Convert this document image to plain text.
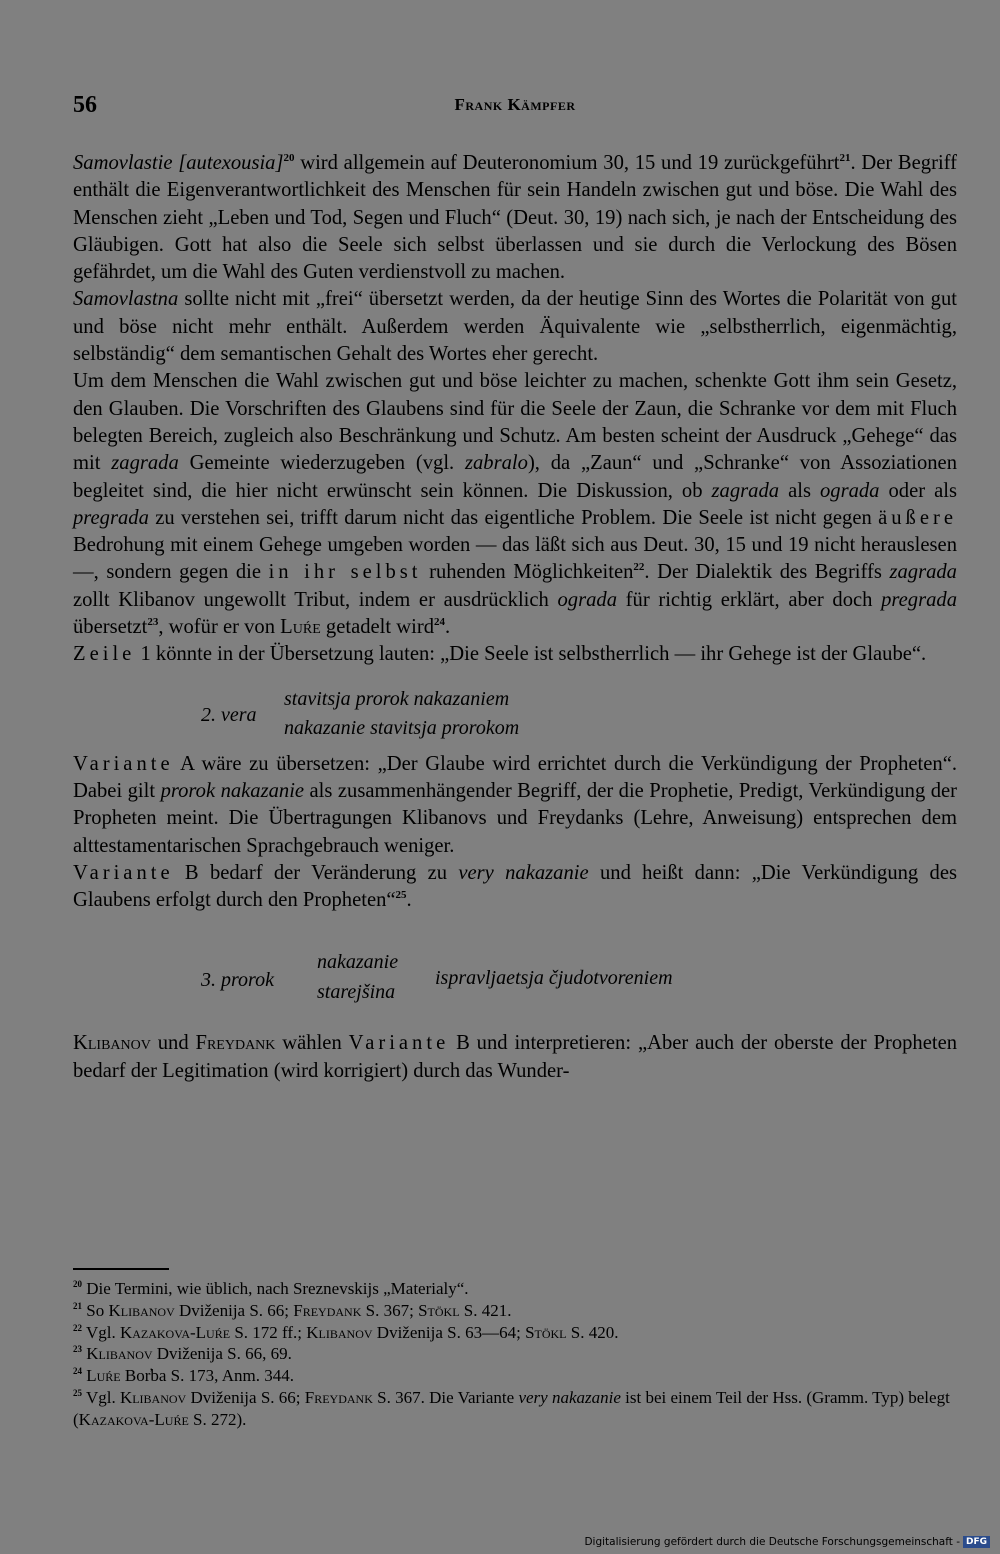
56	Frank Kämpfer

Samovlastie [autexousia]$^{20}$ wird allgemein auf Deuteronomium 30, 15 und 19 zurückgeführt$^{21}$. Der Begriff enthält die Eigenverantwortlichkeit des Menschen für sein Handeln zwischen gut und böse. Die Wahl des Menschen zieht „Leben und Tod, Segen und Fluch“ (Deut. 30, 19) nach sich, je nach der Entscheidung des Gläubigen. Gott hat also die Seele sich selbst überlassen und sie durch die Verlockung des Bösen gefährdet, um die Wahl des Guten verdienstvoll zu machen.

Samovlastna sollte nicht mit „frei“ übersetzt werden, da der heutige Sinn des Wortes die Polarität von gut und böse nicht mehr enthält. Außerdem werden Äquivalente wie „selbstherrlich, eigenmächtig, selbständig“ dem semantischen Gehalt des Wortes eher gerecht.

Um dem Menschen die Wahl zwischen gut und böse leichter zu machen, schenkte Gott ihm sein Gesetz, den Glauben. Die Vorschriften des Glaubens sind für die Seele der Zaun, die Schranke vor dem mit Fluch belegten Bereich, zugleich also Beschränkung und Schutz. Am besten scheint der Ausdruck „Gehege“ das mit zagrada Gemeinte wiederzugeben (vgl. zabralo), da „Zaun“ und „Schranke“ von Assoziationen begleitet sind, die hier nicht erwünscht sein können. Die Diskussion, ob zagrada als ograda oder als pregrada zu verstehen sei, trifft darum nicht das eigentliche Problem. Die Seele ist nicht gegen äußere Bedrohung mit einem Gehege umgeben worden — das läßt sich aus Deut. 30, 15 und 19 nicht herauslesen —, sondern gegen die in ihr selbst ruhenden Möglichkeiten$^{22}$. Der Dialektik des Begriffs zagrada zollt Klibanov ungewollt Tribut, indem er ausdrücklich ograda für richtig erklärt, aber doch pregrada übersetzt$^{23}$, wofür er von Luŕe getadelt wird$^{24}$.

Zeile 1 könnte in der Übersetzung lauten: „Die Seele ist selbstherrlich — ihr Gehege ist der Glaube“.

2. vera
stavitsja prorok nakazaniem
nakazanie stavitsja prorokom

Variante A wäre zu übersetzen: „Der Glaube wird errichtet durch die Verkündigung der Propheten“. Dabei gilt prorok nakazanie als zusammenhängender Begriff, der die Prophetie, Predigt, Verkündigung der Propheten meint. Die Übertragungen Klibanovs und Freydanks (Lehre, Anweisung) entsprechen dem alttestamentarischen Sprachgebrauch weniger.

Variante B bedarf der Veränderung zu very nakazanie und heißt dann: „Die Verkündigung des Glaubens erfolgt durch den Propheten“$^{25}$.

3. prorok
nakazanie
starejšina
ispravljaetsja čjudotvoreniem

Klibanov und Freydank wählen Variante B und interpretieren: „Aber auch der oberste der Propheten bedarf der Legitimation (wird korrigiert) durch das Wunder-

$^{20}$ Die Termini, wie üblich, nach Sreznevskijs „Materialy“.

$^{21}$ So Klibanov Dviženija S. 66; Freydank S. 367; Stökl S. 421.

$^{22}$ Vgl. Kazakova-Luŕe S. 172 ff.; Klibanov Dviženija S. 63—64; Stökl S. 420.

$^{23}$ Klibanov Dviženija S. 66, 69.

$^{24}$ Luŕe Bor̕ba S. 173, Anm. 344.

$^{25}$ Vgl. Klibanov Dviženija S. 66; Freydank S. 367. Die Variante very nakazanie ist bei einem Teil der Hss. (Gramm. Typ) belegt (Kazakova-Luŕe S. 272).

Digitalisierung gefördert durch die Deutsche Forschungsgemeinschaft - DFG
